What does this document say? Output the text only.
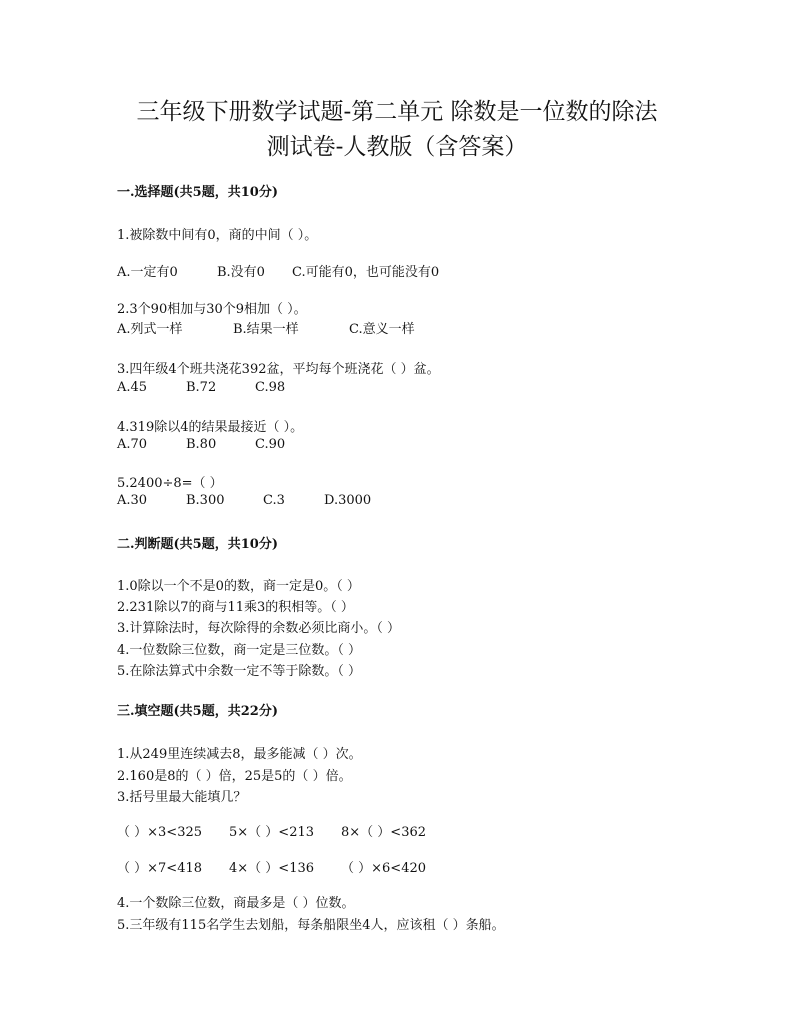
三年级下册数学试题-第二单元 除数是一位数的除法
测试卷-人教版（含答案）
一.选择题(共5题，共10分)
1.被除数中间有0，商的中间（ ）。
A.一定有0	B.没有0 C.可能有0，也可能没有0
2.3个90相加与30个9相加（ ）。
A.列式一样	B.结果一样	C.意义一样
3.四年级4个班共浇花392盆，平均每个班浇花（ ）盆。
A.45	B.72	C.98
4.319除以4的结果最接近（ ）。
A.70	B.80	C.90
5.2400÷8=（ ）
A.30	B.300	C.3	D.3000
二.判断题(共5题，共10分)
1.0除以一个不是0的数，商一定是0。（ ）
2.231除以7的商与11乘3的积相等。（ ）
3.计算除法时，每次除得的余数必须比商小。（ ）
4.一位数除三位数，商一定是三位数。（ ）
5.在除法算式中余数一定不等于除数。（ ）
三.填空题(共5题，共22分)
1.从249里连续减去8，最多能减（ ）次。
2.160是8的（ ）倍，25是5的（ ）倍。
3.括号里最大能填几？
（ ）×3<325 5×（ ）<213 8×（ ）<362
（ ）×7<418 4×（ ）<136 （ ）×6<420
4.一个数除三位数，商最多是（ ）位数。
5.三年级有115名学生去划船，每条船限坐4人，应该租（ ）条船。
